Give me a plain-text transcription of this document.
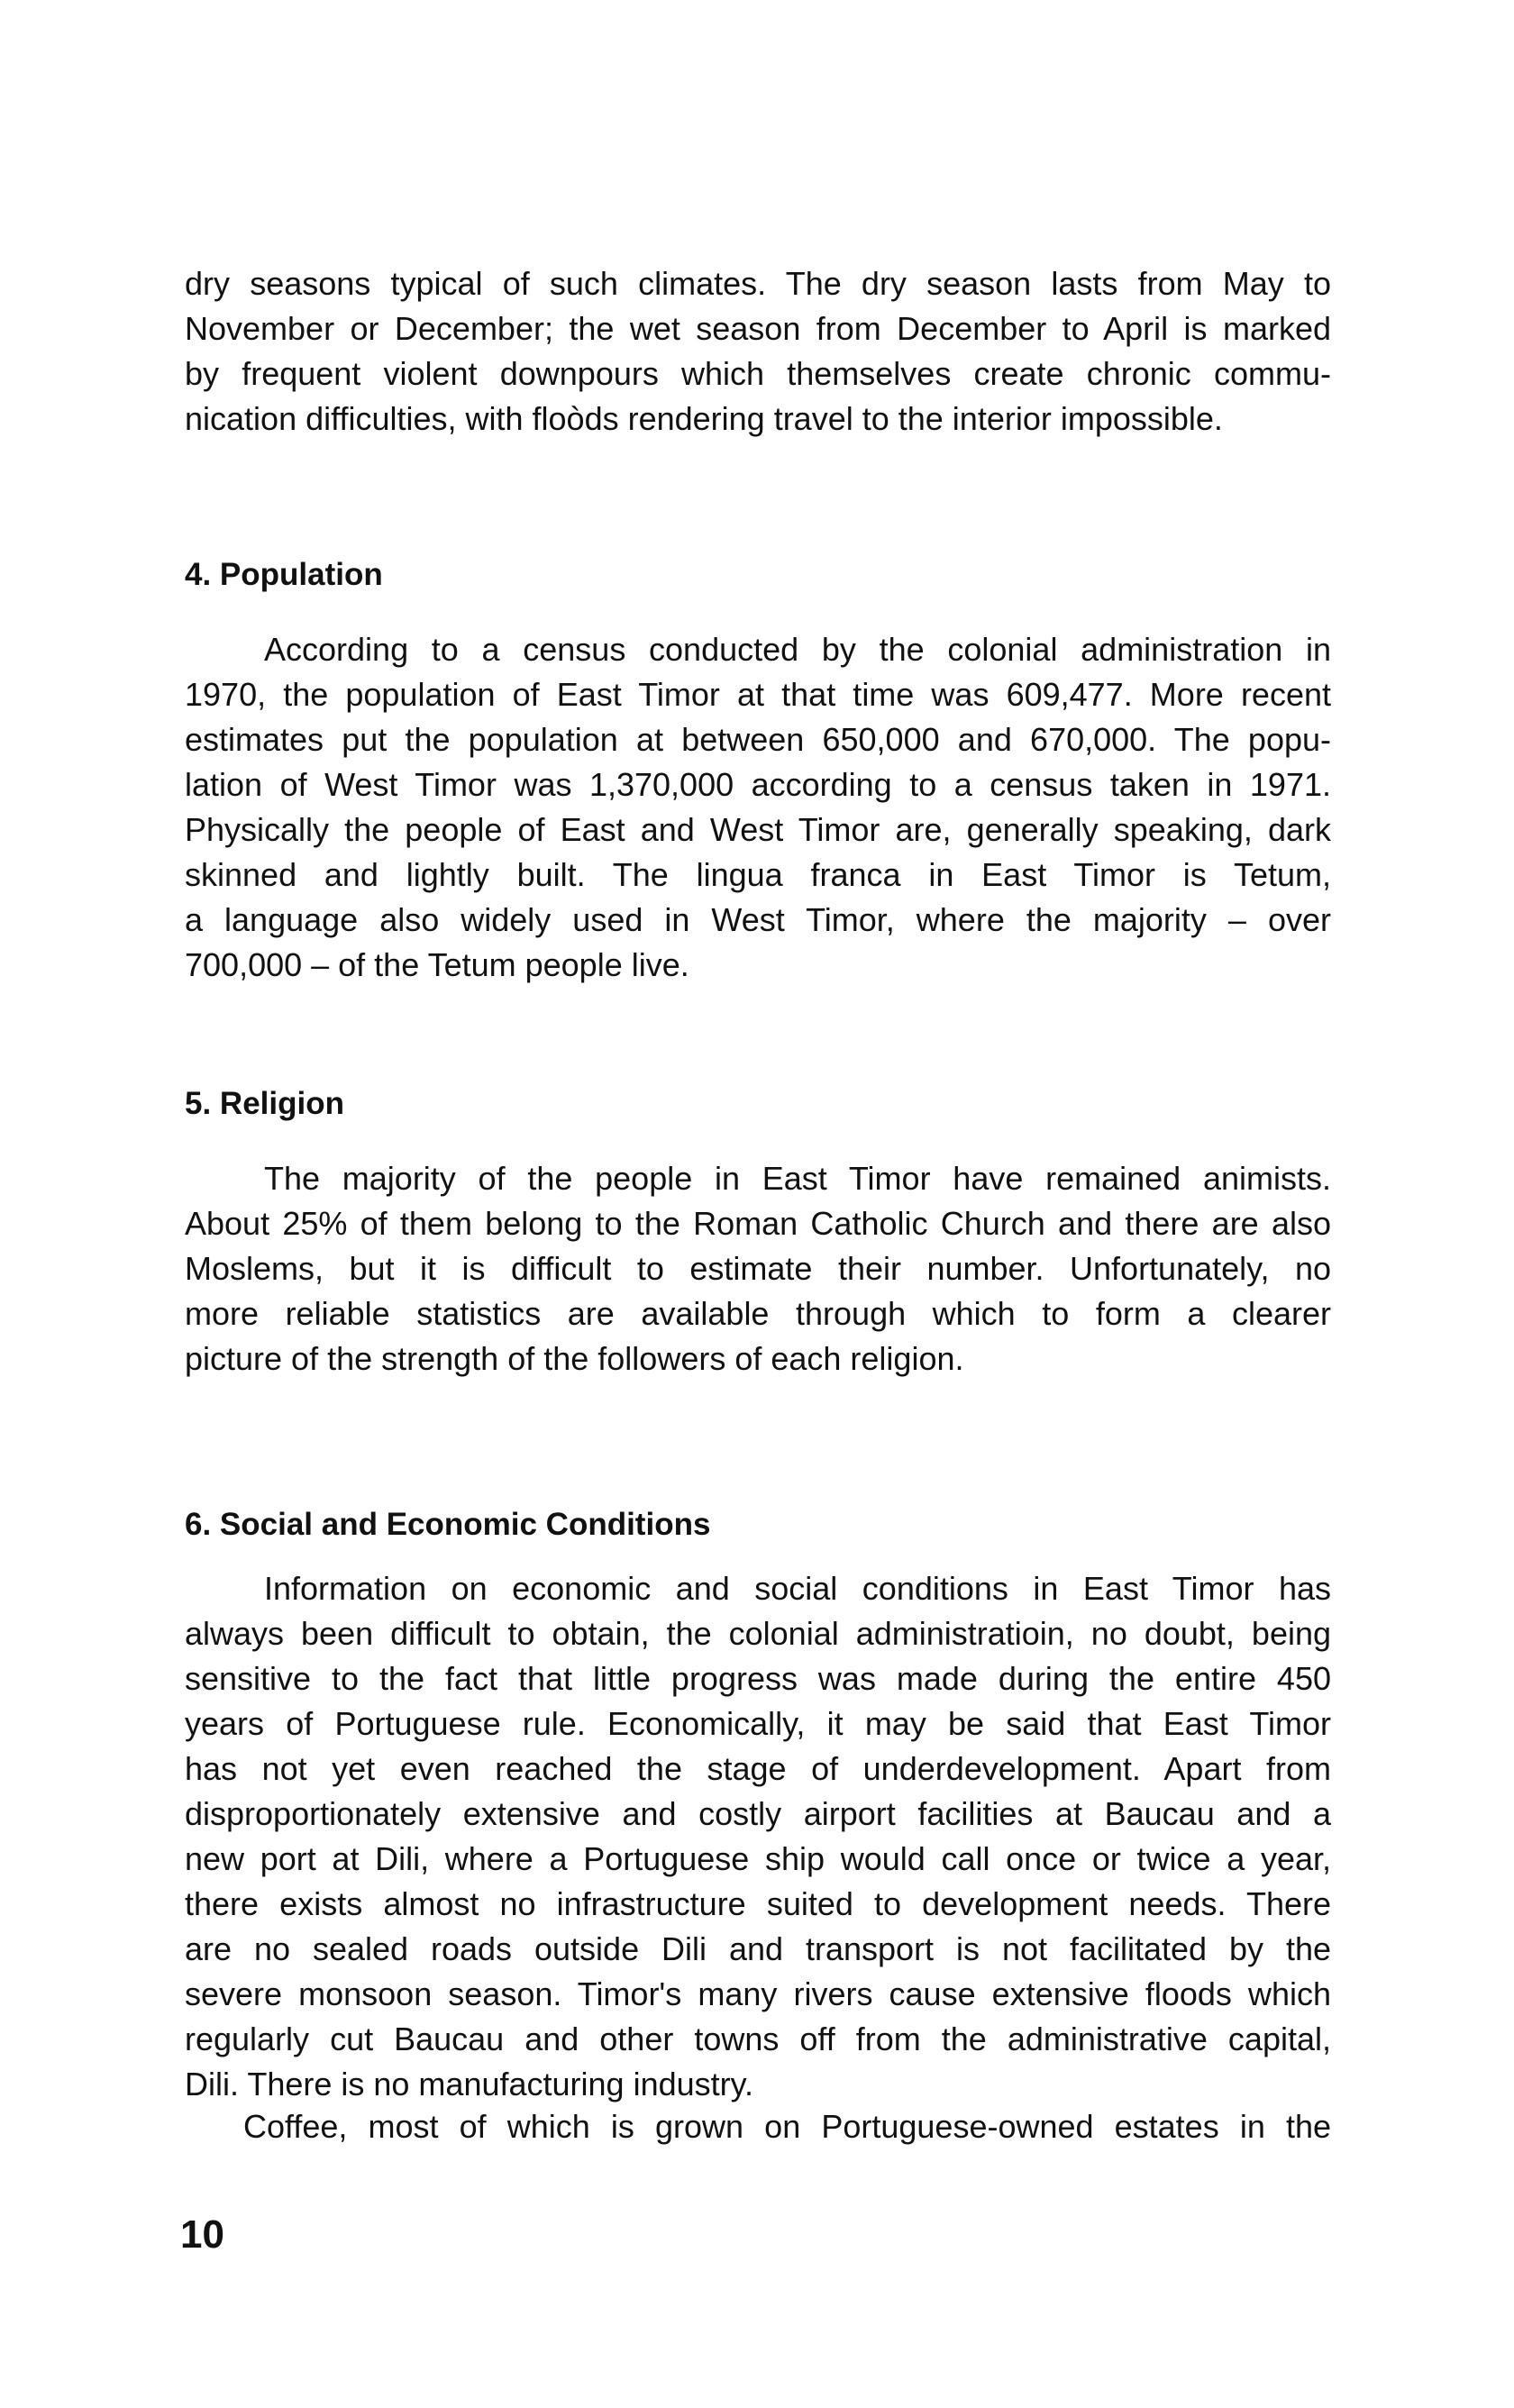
dry seasons typical of such climates. The dry season lasts from May to
November or December; the wet season from December to April is marked
by frequent violent downpours which themselves create chronic commu-
nication difficulties, with floòds rendering travel to the interior impossible.
4. Population
According to a census conducted by the colonial administration in
1970, the population of East Timor at that time was 609,477. More recent
estimates put the population at between 650,000 and 670,000. The popu-
lation of West Timor was 1,370,000 according to a census taken in 1971.
Physically the people of East and West Timor are, generally speaking, dark
skinned and lightly built. The lingua franca in East Timor is Tetum,
a language also widely used in West Timor, where the majority – over
700,000 – of the Tetum people live.
5. Religion
The majority of the people in East Timor have remained animists.
About 25% of them belong to the Roman Catholic Church and there are also
Moslems, but it is difficult to estimate their number. Unfortunately, no
more reliable statistics are available through which to form a clearer
picture of the strength of the followers of each religion.
6. Social and Economic Conditions
Information on economic and social conditions in East Timor has
always been difficult to obtain, the colonial administratioin, no doubt, being
sensitive to the fact that little progress was made during the entire 450
years of Portuguese rule. Economically, it may be said that East Timor
has not yet even reached the stage of underdevelopment. Apart from
disproportionately extensive and costly airport facilities at Baucau and a
new port at Dili, where a Portuguese ship would call once or twice a year,
there exists almost no infrastructure suited to development needs. There
are no sealed roads outside Dili and transport is not facilitated by the
severe monsoon season. Timor's many rivers cause extensive floods which
regularly cut Baucau and other towns off from the administrative capital,
Dili. There is no manufacturing industry.
Coffee, most of which is grown on Portuguese-owned estates in the
10
